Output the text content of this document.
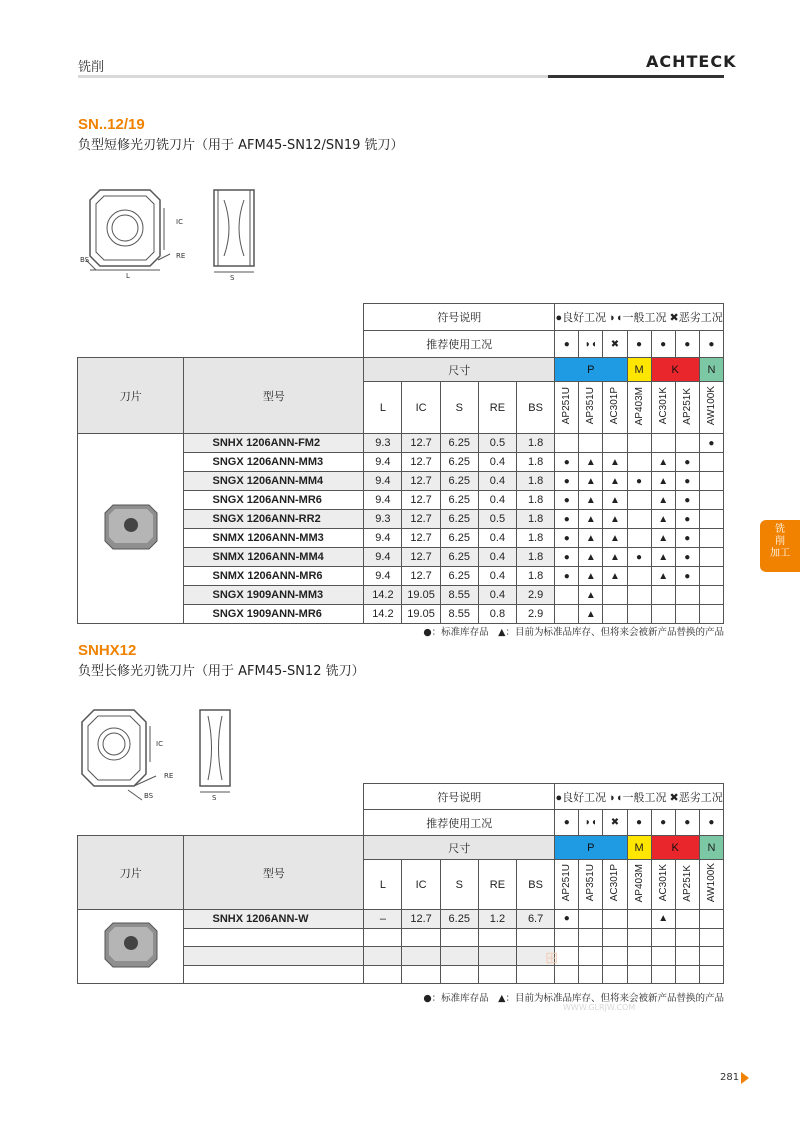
铣削	ACHTECK
SN..12/19
负型短修光刃铣刀片（用于 AFM45-SN12/SN19 铣刀）
IC
RE
BS
L	S
		符号说明					●良好工况 ◗◖一般工况 ✖恶劣工况						
		推荐使用工况					●	◗◖	✖	●	●	●	●
刀片	型号	尺寸					P			M	K		N
		L	IC	S	RE	BS	AP251U	AP351U	AC301P	AP403M	AC301K	AP251K	AW100K

	SNHX 1206ANN-FM2	9.3	12.7	6.25	0.5	1.8							●
	SNGX 1206ANN-MM3	9.4	12.7	6.25	0.4	1.8	●	▲	▲		▲	●	
	SNGX 1206ANN-MM4	9.4	12.7	6.25	0.4	1.8	●	▲	▲	●	▲	●	
	SNGX 1206ANN-MR6	9.4	12.7	6.25	0.4	1.8	●	▲	▲		▲	●	
	SNGX 1206ANN-RR2	9.3	12.7	6.25	0.5	1.8	●	▲	▲		▲	●	
	SNMX 1206ANN-MM3	9.4	12.7	6.25	0.4	1.8	●	▲	▲		▲	●	
	SNMX 1206ANN-MM4	9.4	12.7	6.25	0.4	1.8	●	▲	▲	●	▲	●	
	SNMX 1206ANN-MR6	9.4	12.7	6.25	0.4	1.8	●	▲	▲		▲	●	
	SNGX 1909ANN-MM3	14.2	19.05	8.55	0.4	2.9		▲					
	SNGX 1909ANN-MR6	14.2	19.05	8.55	0.8	2.9		▲					
●：标准库存品　▲：目前为标准品库存、但将来会被新产品替换的产品
SNHX12
负型长修光刃铣刀片（用于 AFM45-SN12 铣刀）
IC
RE
BS	S
		符号说明					●良好工况 ◗◖一般工况 ✖恶劣工况						
		推荐使用工况					●	◗◖	✖	●	●	●	●
刀片	型号	尺寸					P			M	K		N
		L	IC	S	RE	BS	AP251U	AP351U	AC301P	AP403M	AC301K	AP251K	AW100K

	SNHX 1206ANN-W	–	12.7	6.25	1.2	6.7	●				▲		

●：标准库存品　▲：目前为标准品库存、但将来会被新产品替换的产品
⊞
WWW.GLRJW.COM
铣
削
加工
281
